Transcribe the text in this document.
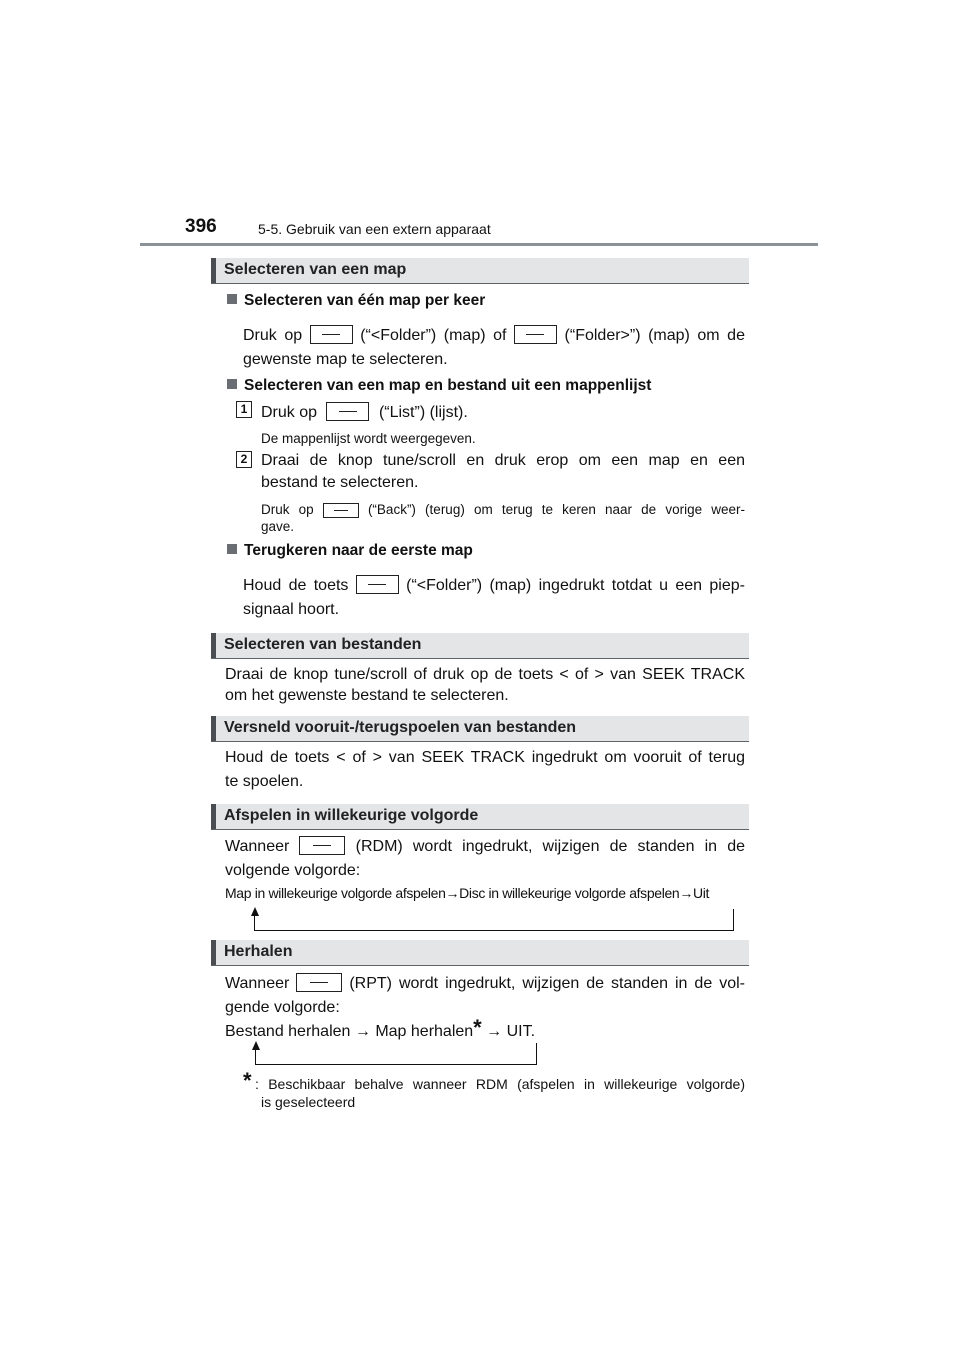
396	5-5. Gebruik van een extern apparaat
Selecteren van een map
Selecteren van één map per keer
Druk op	(“<Folder”) (map) of	(“Folder>”) (map) om de
gewenste map te selecteren.
Selecteren van een map en bestand uit een mappenlijst
1 Druk op	(“List”) (lijst).
De mappenlijst wordt weergegeven.
2 Draai de knop tune/scroll en druk erop om een map en een
bestand te selecteren.
Druk op	(“Back”) (terug) om terug te keren naar de vorige weer-
gave.
Terugkeren naar de eerste map
Houd de toets	(“<Folder”) (map) ingedrukt totdat u een piep-
signaal hoort.
Selecteren van bestanden
Draai de knop tune/scroll of druk op de toets < of > van SEEK TRACK
om het gewenste bestand te selecteren.
Versneld vooruit-/terugspoelen van bestanden
Houd de toets < of > van SEEK TRACK ingedrukt om vooruit of terug
te spoelen.
Afspelen in willekeurige volgorde
Wanneer	(RDM) wordt ingedrukt, wijzigen de standen in de
volgende volgorde:
Map in willekeurige volgorde afspelen→Disc in willekeurige volgorde afspelen→Uit
Herhalen
Wanneer	(RPT) wordt ingedrukt, wijzigen de standen in de vol-
gende volgorde:
Bestand herhalen → Map herhalen* → UIT.
* : Beschikbaar behalve wanneer RDM (afspelen in willekeurige volgorde)
is geselecteerd
